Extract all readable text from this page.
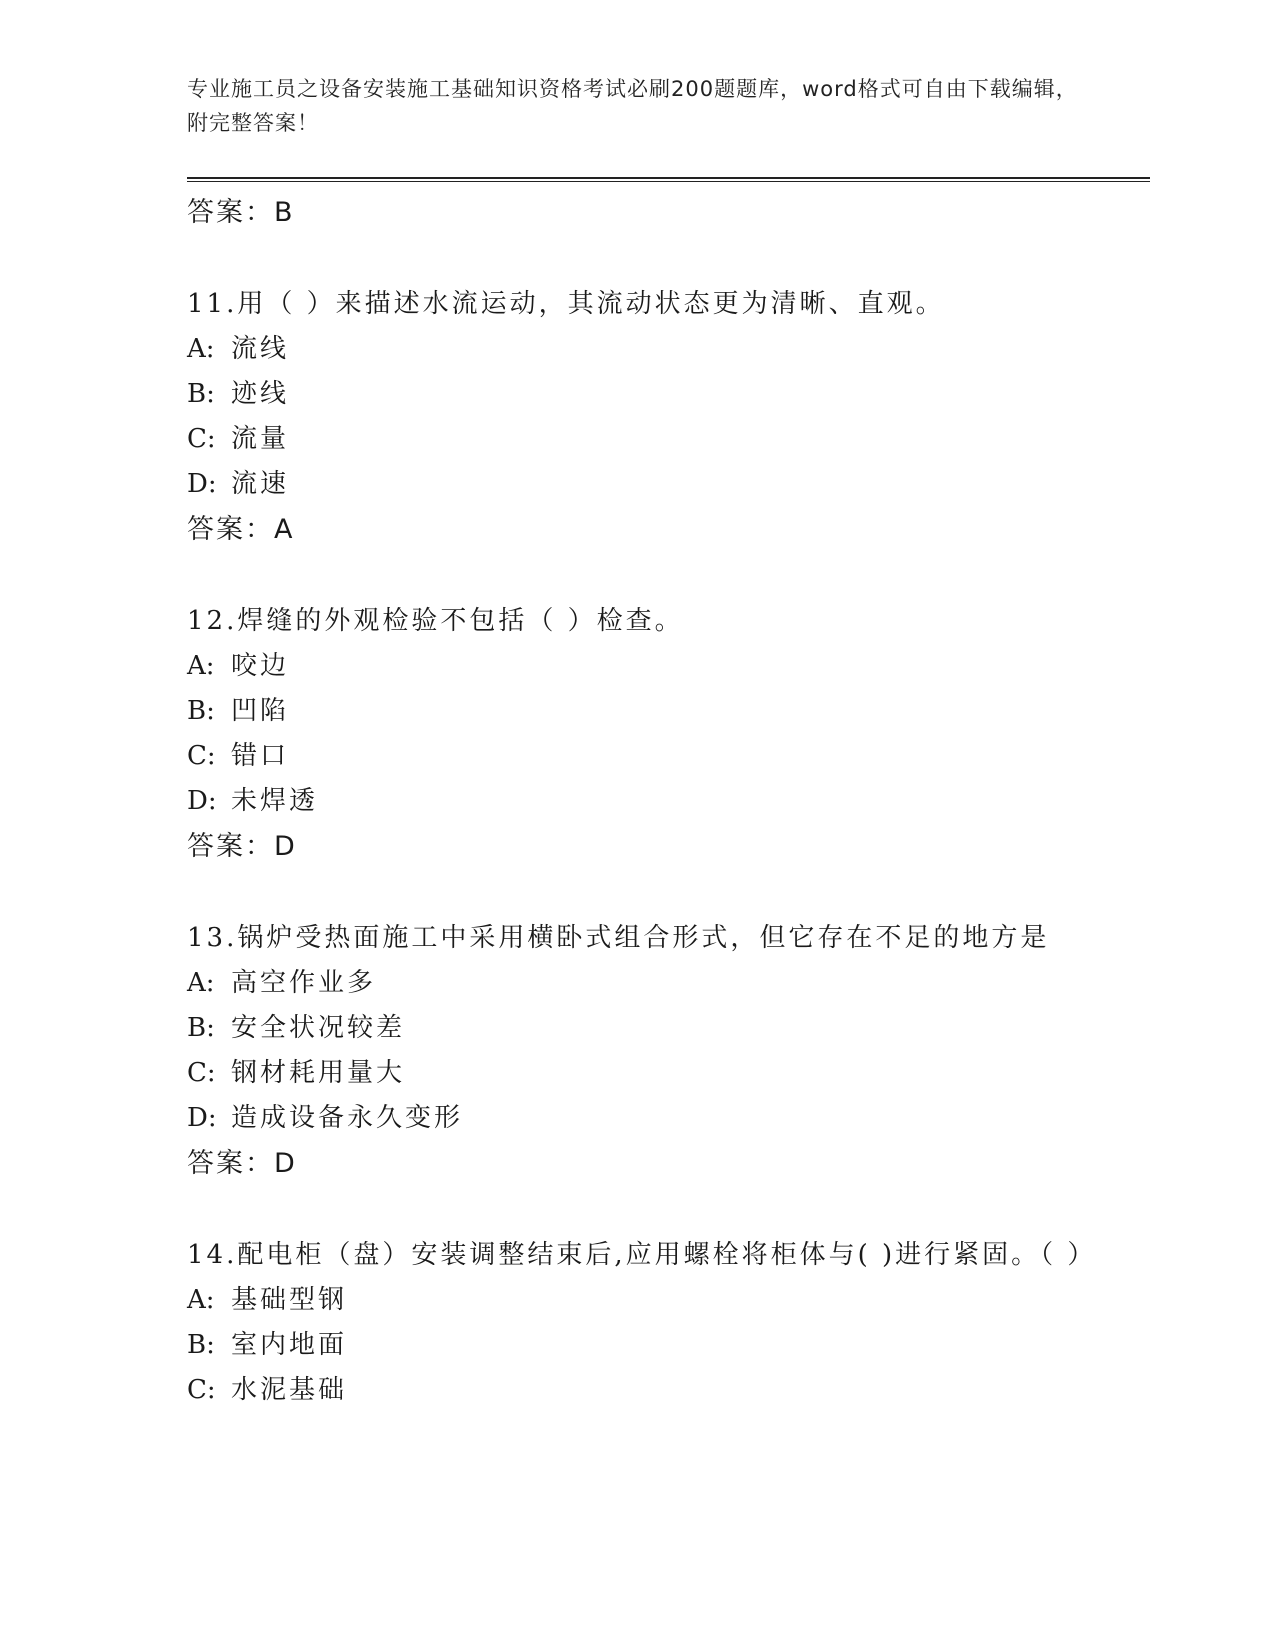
专业施工员之设备安装施工基础知识资格考试必刷200题题库，word格式可自由下载编辑，附完整答案！
答案：B
11.用（ ）来描述水流运动，其流动状态更为清晰、直观。
A: 流线
B: 迹线
C: 流量
D: 流速
答案：A
12.焊缝的外观检验不包括（ ）检查。
A: 咬边
B: 凹陷
C: 错口
D: 未焊透
答案：D
13.锅炉受热面施工中采用横卧式组合形式，但它存在不足的地方是
A: 高空作业多
B: 安全状况较差
C: 钢材耗用量大
D: 造成设备永久变形
答案：D
14.配电柜（盘）安装调整结束后,应用螺栓将柜体与( )进行紧固。（ ）
A: 基础型钢
B: 室内地面
C: 水泥基础
